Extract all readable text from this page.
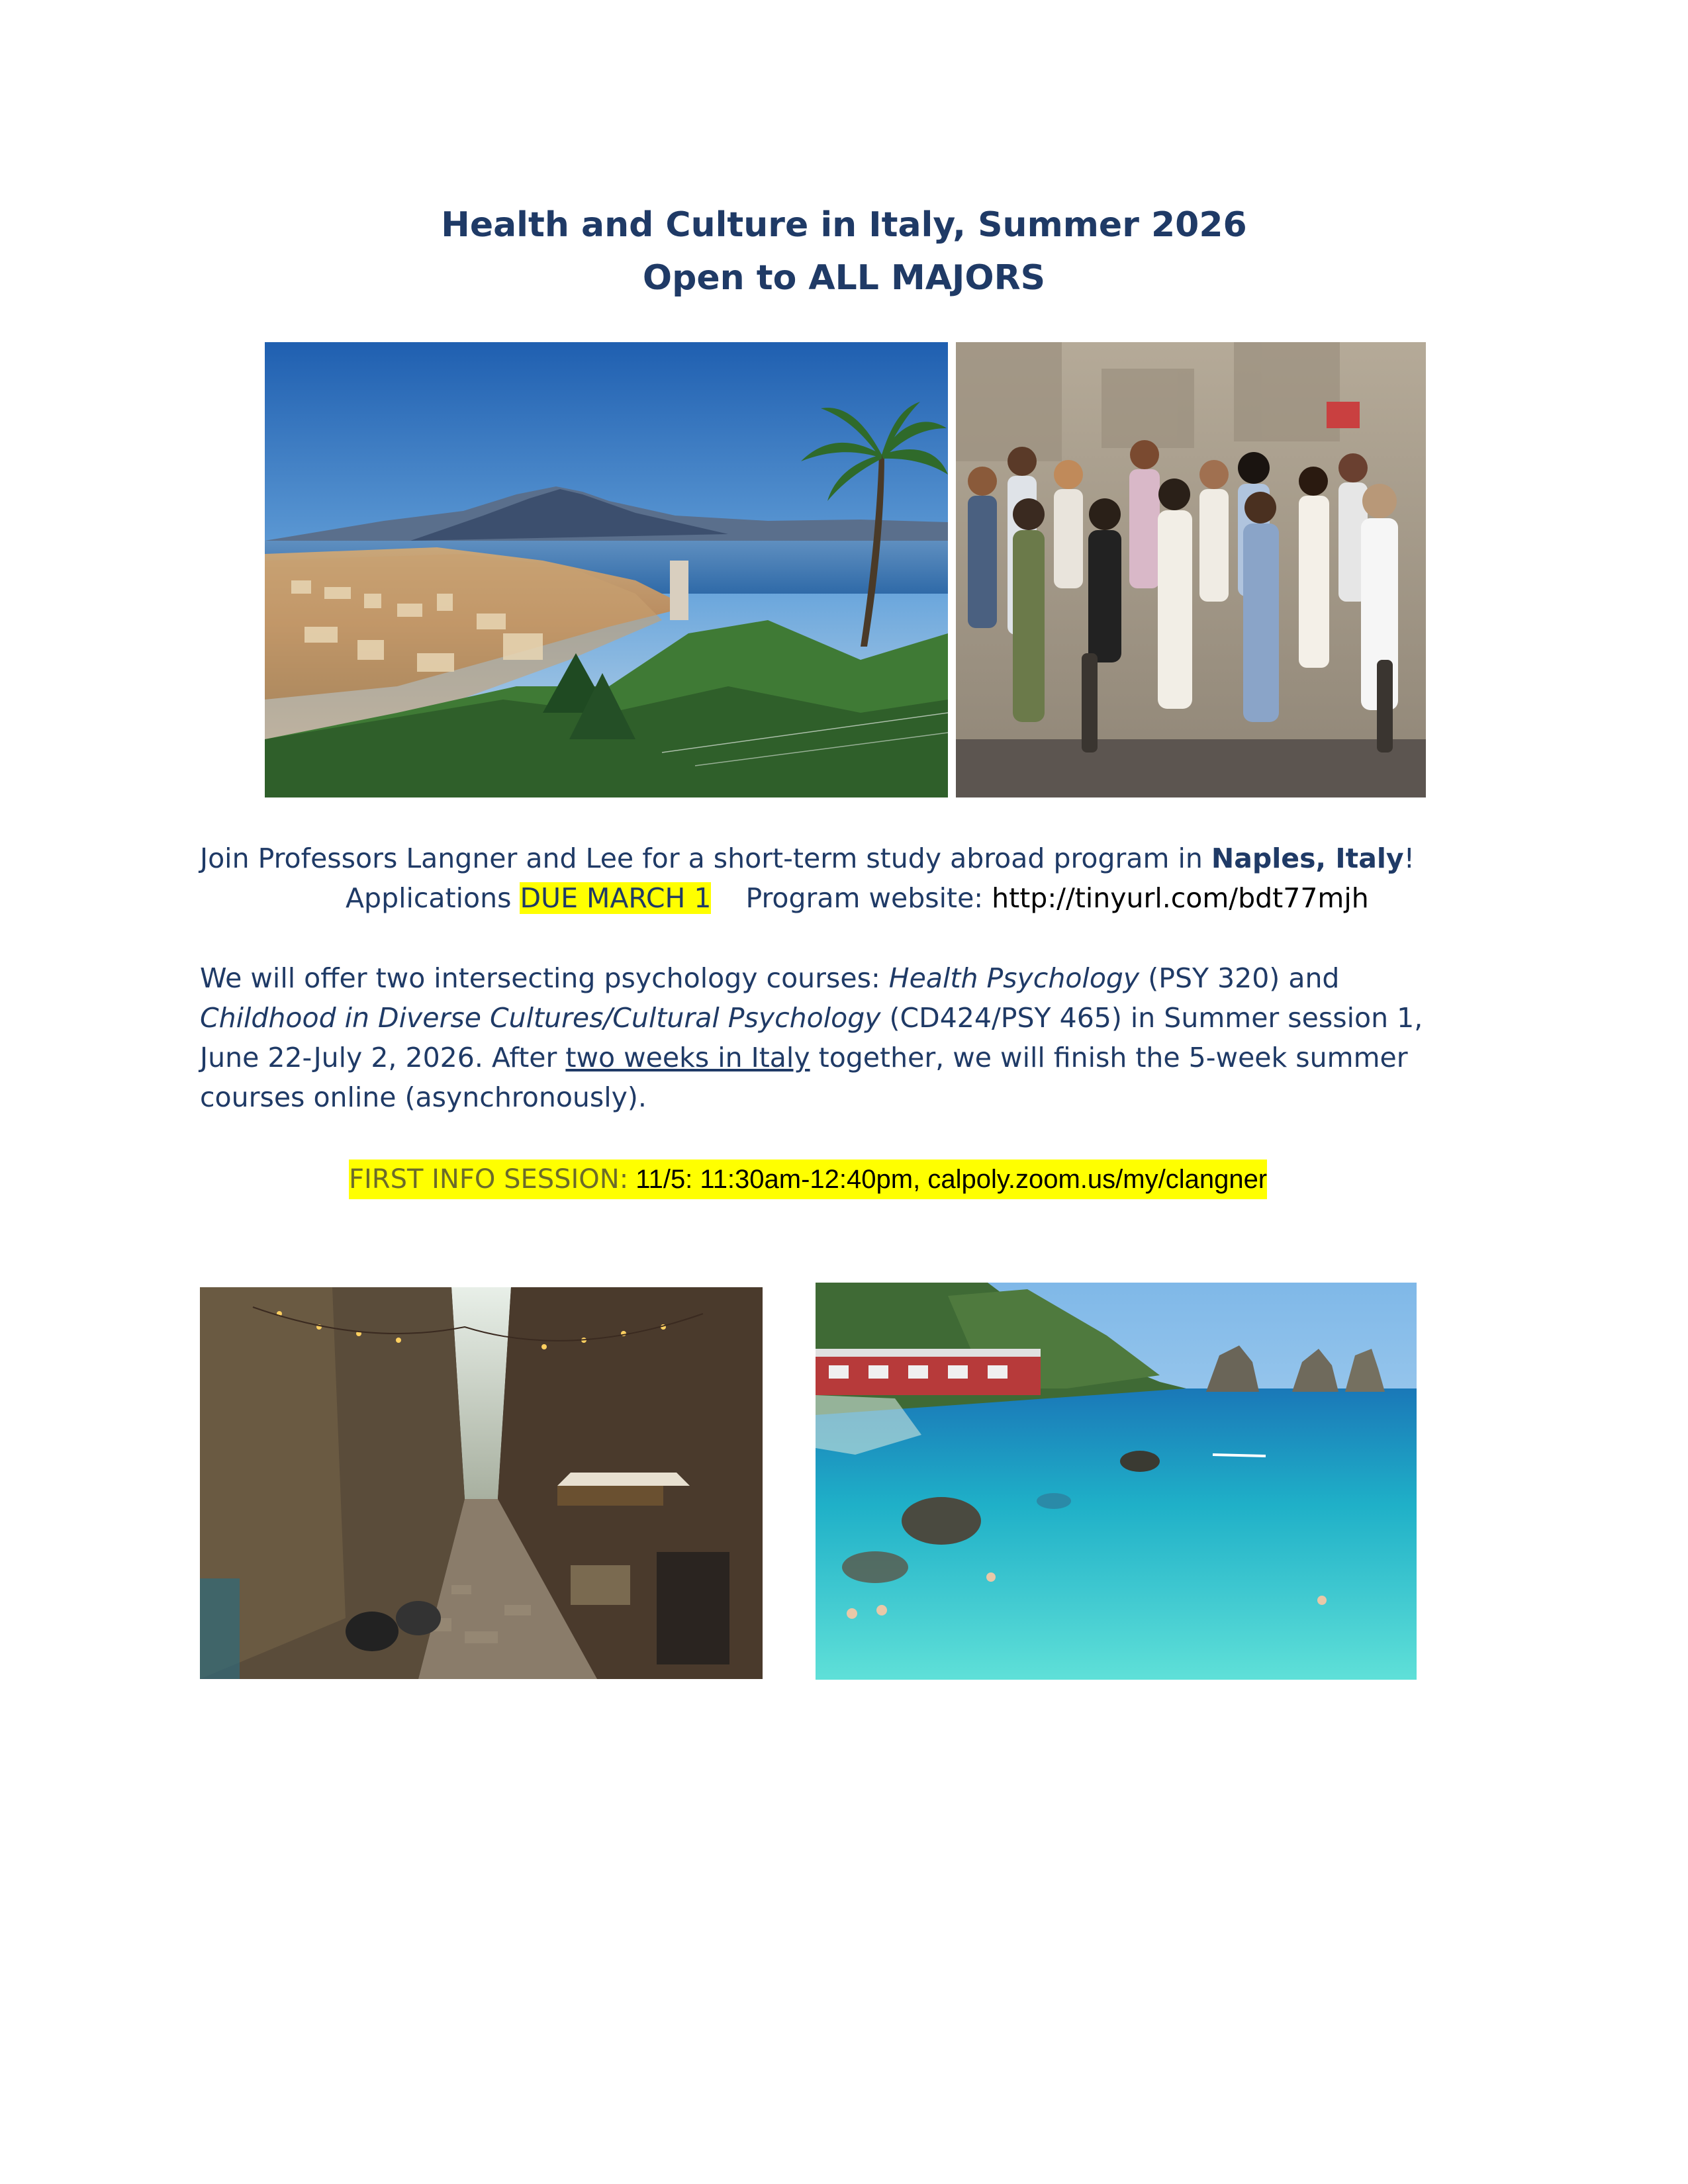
Health and Culture in Italy, Summer 2026
Open to ALL MAJORS
Join Professors Langner and Lee for a short-term study abroad program in Naples, Italy!
Applications DUE MARCH 1 Program website: http://tinyurl.com/bdt77mjh
We will offer two intersecting psychology courses: Health Psychology (PSY 320) and
Childhood in Diverse Cultures/Cultural Psychology (CD424/PSY 465) in Summer session 1,
June 22-July 2, 2026. After two weeks in Italy together, we will finish the 5-week summer
courses online (asynchronously).
FIRST INFO SESSION: 11/5: 11:30am-12:40pm, calpoly.zoom.us/my/clangner
